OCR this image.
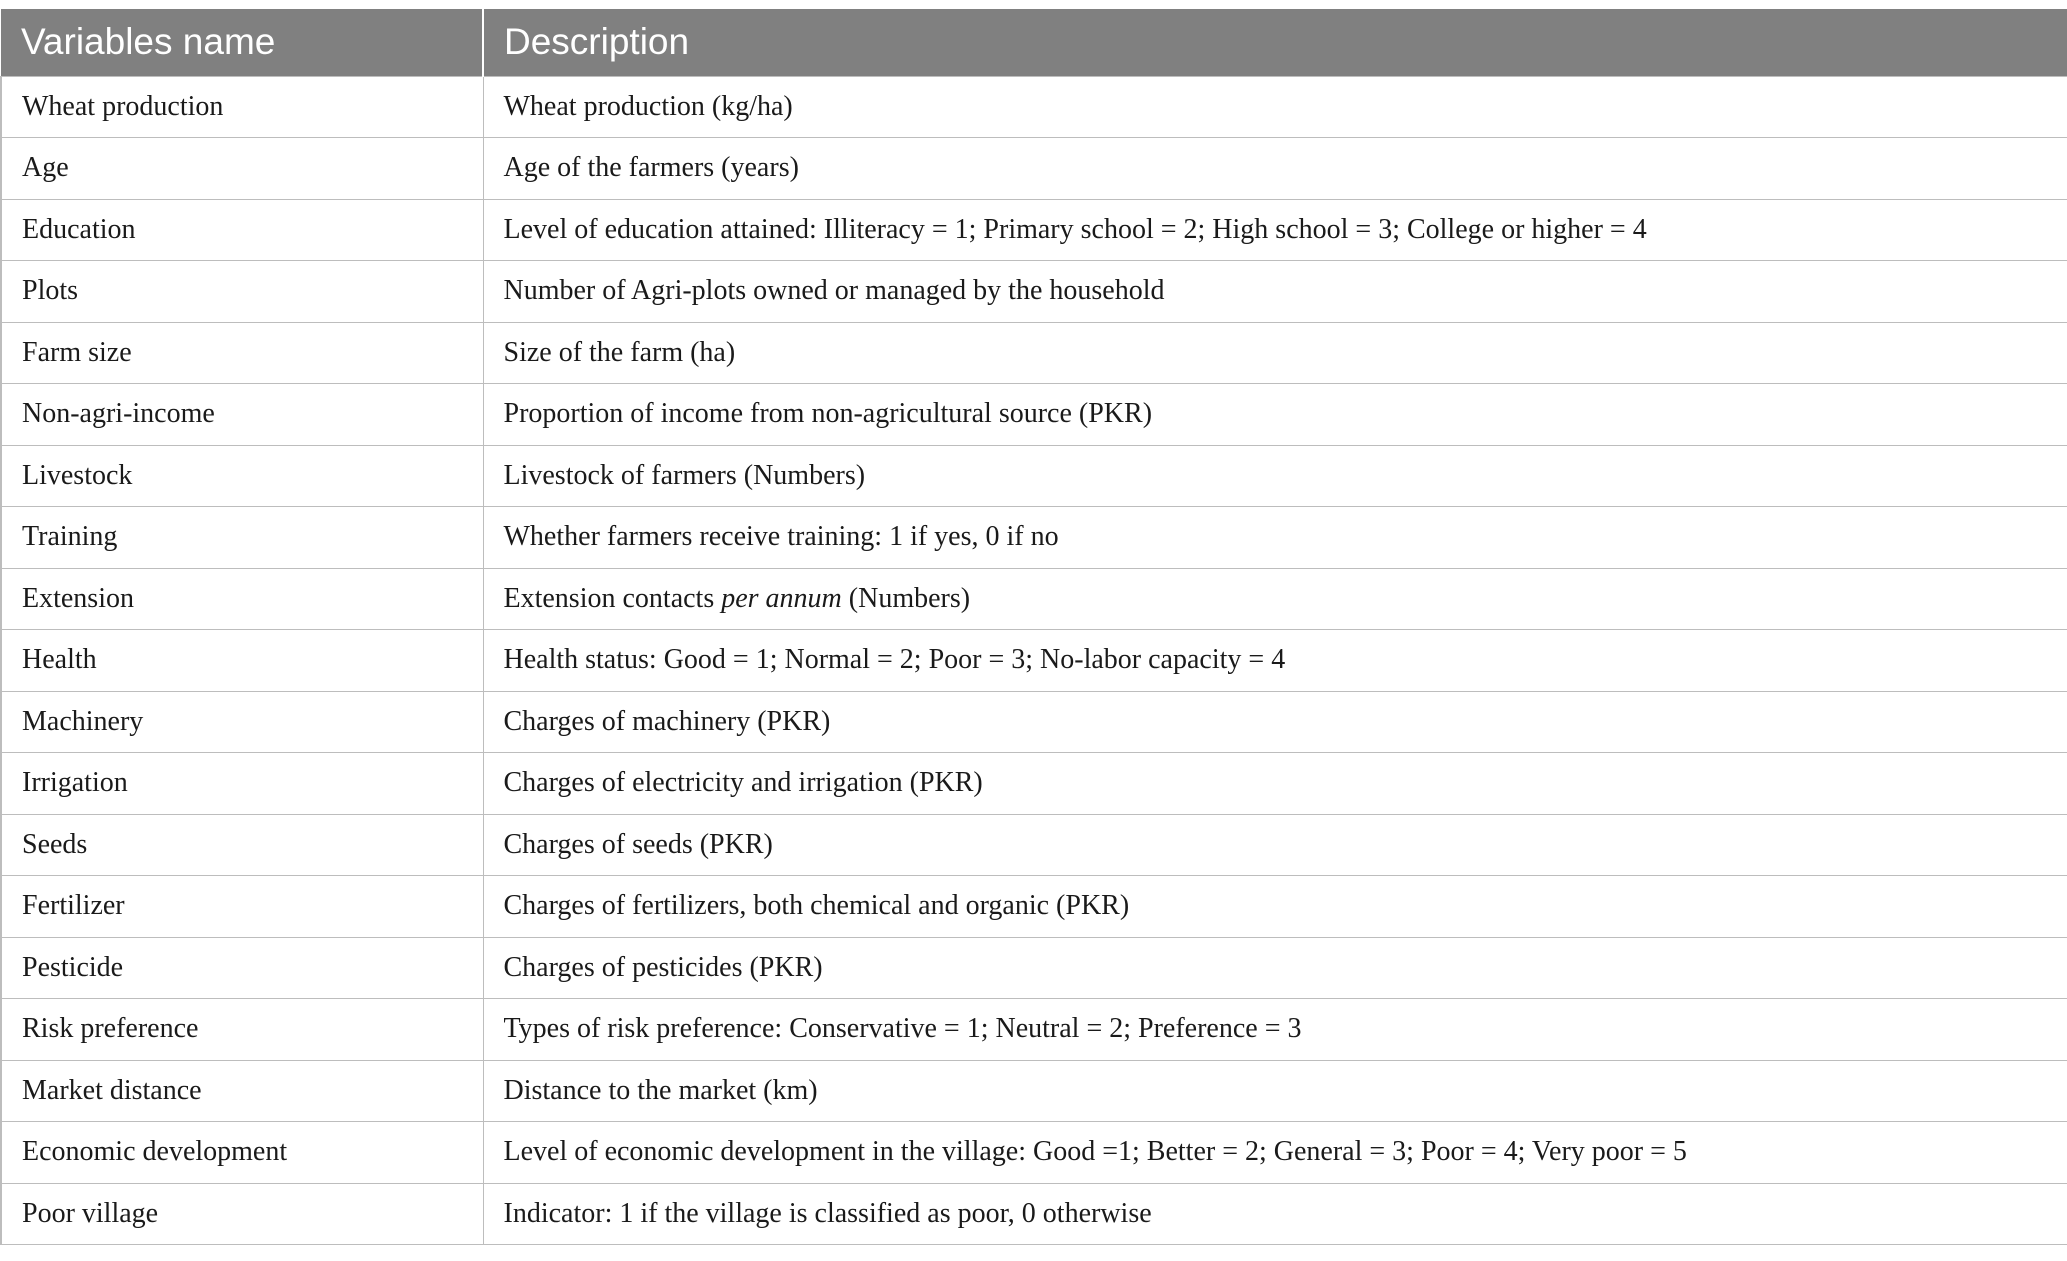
Variables name	Description
Wheat production	Wheat production (kg/ha)
Age	Age of the farmers (years)
Education	Level of education attained: Illiteracy = 1; Primary school = 2; High school = 3; College or higher = 4
Plots	Number of Agri-plots owned or managed by the household
Farm size	Size of the farm (ha)
Non-agri-income	Proportion of income from non-agricultural source (PKR)
Livestock	Livestock of farmers (Numbers)
Training	Whether farmers receive training: 1 if yes, 0 if no
Extension	Extension contacts per annum (Numbers)
Health	Health status: Good = 1; Normal = 2; Poor = 3; No-labor capacity = 4
Machinery	Charges of machinery (PKR)
Irrigation	Charges of electricity and irrigation (PKR)
Seeds	Charges of seeds (PKR)
Fertilizer	Charges of fertilizers, both chemical and organic (PKR)
Pesticide	Charges of pesticides (PKR)
Risk preference	Types of risk preference: Conservative = 1; Neutral = 2; Preference = 3
Market distance	Distance to the market (km)
Economic development	Level of economic development in the village: Good =1; Better = 2; General = 3; Poor = 4; Very poor = 5
Poor village	Indicator: 1 if the village is classified as poor, 0 otherwise
